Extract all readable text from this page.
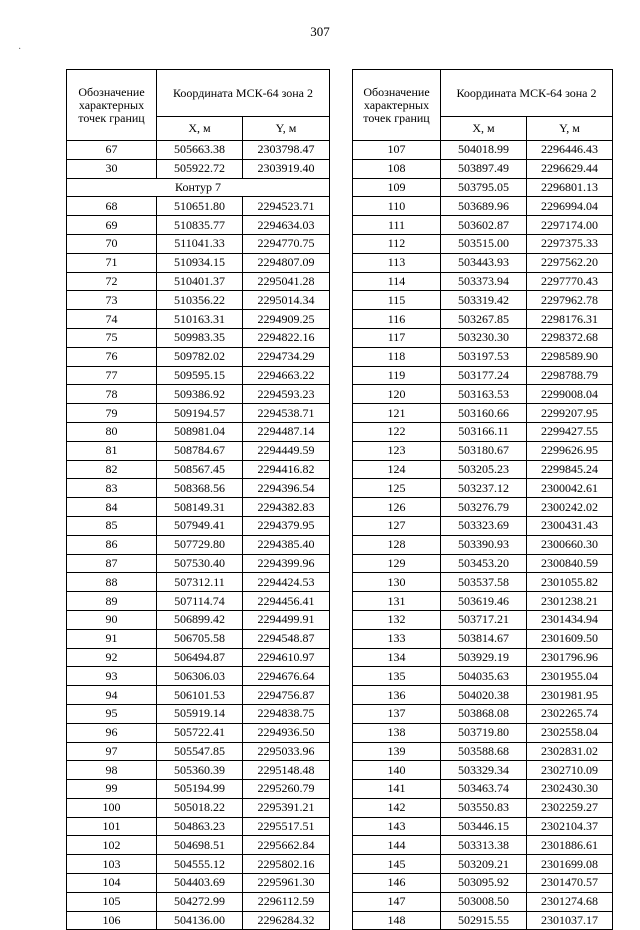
307
·
Обозначение характерных точек границ	Координата МСК-64 зона 2	
	X, м	Y, м
67	505663.38	2303798.47
30	505922.72	2303919.40
Контур 7		
68	510651.80	2294523.71
69	510835.77	2294634.03
70	511041.33	2294770.75
71	510934.15	2294807.09
72	510401.37	2295041.28
73	510356.22	2295014.34
74	510163.31	2294909.25
75	509983.35	2294822.16
76	509782.02	2294734.29
77	509595.15	2294663.22
78	509386.92	2294593.23
79	509194.57	2294538.71
80	508981.04	2294487.14
81	508784.67	2294449.59
82	508567.45	2294416.82
83	508368.56	2294396.54
84	508149.31	2294382.83
85	507949.41	2294379.95
86	507729.80	2294385.40
87	507530.40	2294399.96
88	507312.11	2294424.53
89	507114.74	2294456.41
90	506899.42	2294499.91
91	506705.58	2294548.87
92	506494.87	2294610.97
93	506306.03	2294676.64
94	506101.53	2294756.87
95	505919.14	2294838.75
96	505722.41	2294936.50
97	505547.85	2295033.96
98	505360.39	2295148.48
99	505194.99	2295260.79
100	505018.22	2295391.21
101	504863.23	2295517.51
102	504698.51	2295662.84
103	504555.12	2295802.16
104	504403.69	2295961.30
105	504272.99	2296112.59
106	504136.00	2296284.32
Обозначение характерных точек границ	Координата МСК-64 зона 2	
	X, м	Y, м
107	504018.99	2296446.43
108	503897.49	2296629.44
109	503795.05	2296801.13
110	503689.96	2296994.04
111	503602.87	2297174.00
112	503515.00	2297375.33
113	503443.93	2297562.20
114	503373.94	2297770.43
115	503319.42	2297962.78
116	503267.85	2298176.31
117	503230.30	2298372.68
118	503197.53	2298589.90
119	503177.24	2298788.79
120	503163.53	2299008.04
121	503160.66	2299207.95
122	503166.11	2299427.55
123	503180.67	2299626.95
124	503205.23	2299845.24
125	503237.12	2300042.61
126	503276.79	2300242.02
127	503323.69	2300431.43
128	503390.93	2300660.30
129	503453.20	2300840.59
130	503537.58	2301055.82
131	503619.46	2301238.21
132	503717.21	2301434.94
133	503814.67	2301609.50
134	503929.19	2301796.96
135	504035.63	2301955.04
136	504020.38	2301981.95
137	503868.08	2302265.74
138	503719.80	2302558.04
139	503588.68	2302831.02
140	503329.34	2302710.09
141	503463.74	2302430.30
142	503550.83	2302259.27
143	503446.15	2302104.37
144	503313.38	2301886.61
145	503209.21	2301699.08
146	503095.92	2301470.57
147	503008.50	2301274.68
148	502915.55	2301037.17
